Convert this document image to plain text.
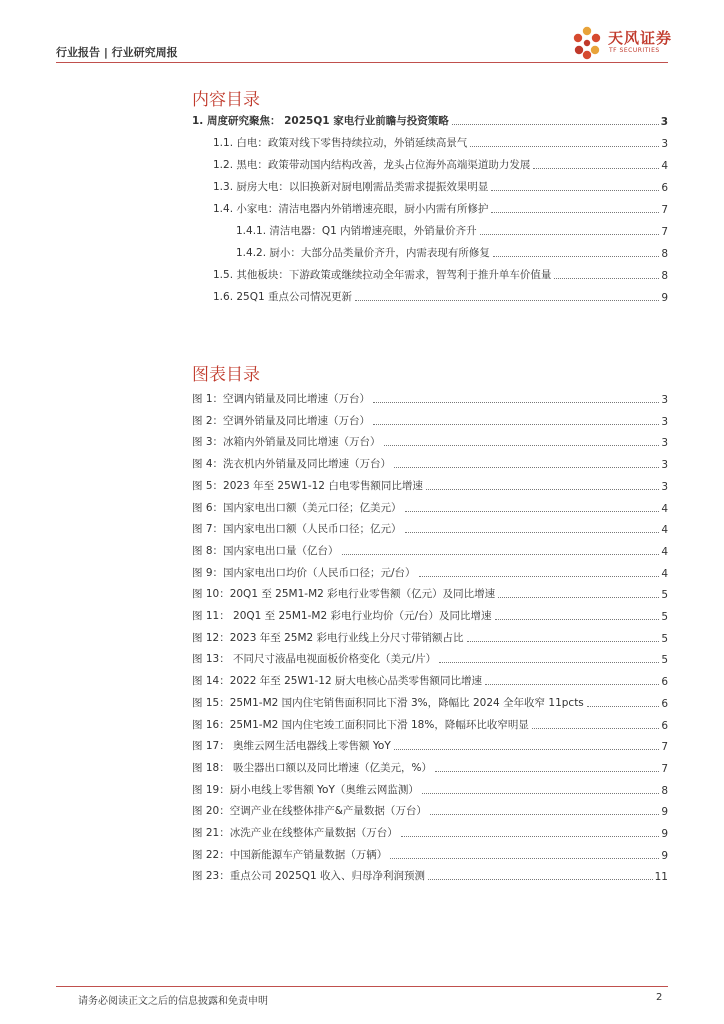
行业报告 | 行业研究周报
天风证券
TF SECURITIES
内容目录
1. 周度研究聚焦： 2025Q1 家电行业前瞻与投资策略	3
1.1. 白电：政策对线下零售持续拉动，外销延续高景气	3
1.2. 黑电：政策带动国内结构改善，龙头占位海外高端渠道助力发展	4
1.3. 厨房大电：以旧换新对厨电刚需品类需求提振效果明显	6
1.4. 小家电：清洁电器内外销增速亮眼，厨小内需有所修护	7
1.4.1. 清洁电器：Q1 内销增速亮眼，外销量价齐升	7
1.4.2. 厨小：大部分品类量价齐升，内需表现有所修复	8
1.5. 其他板块：下游政策或继续拉动全年需求，智驾利于推升单车价值量	8
1.6. 25Q1 重点公司情况更新	9
图表目录
图 1：空调内销量及同比增速（万台）	3
图 2：空调外销量及同比增速（万台）	3
图 3：冰箱内外销量及同比增速（万台）	3
图 4：洗衣机内外销量及同比增速（万台）	3
图 5：2023 年至 25W1-12 白电零售额同比增速	3
图 6：国内家电出口额（美元口径；亿美元）	4
图 7：国内家电出口额（人民币口径；亿元）	4
图 8：国内家电出口量（亿台）	4
图 9：国内家电出口均价（人民币口径；元/台）	4
图 10：20Q1 至 25M1-M2 彩电行业零售额（亿元）及同比增速	5
图 11： 20Q1 至 25M1-M2 彩电行业均价（元/台）及同比增速	5
图 12：2023 年至 25M2 彩电行业线上分尺寸带销额占比	5
图 13： 不同尺寸液晶电视面板价格变化（美元/片）	5
图 14：2022 年至 25W1-12 厨大电核心品类零售额同比增速	6
图 15：25M1-M2 国内住宅销售面积同比下滑 3%，降幅比 2024 全年收窄 11pcts	6
图 16：25M1-M2 国内住宅竣工面积同比下滑 18%，降幅环比收窄明显	6
图 17： 奥维云网生活电器线上零售额 YoY	7
图 18： 吸尘器出口额以及同比增速（亿美元，%）	7
图 19：厨小电线上零售额 YoY（奥维云网监测）	8
图 20：空调产业在线整体排产&产量数据（万台）	9
图 21：冰洗产业在线整体产量数据（万台）	9
图 22：中国新能源车产销量数据（万辆）	9
图 23：重点公司 2025Q1 收入、归母净利润预测	11
请务必阅读正文之后的信息披露和免责申明	2
